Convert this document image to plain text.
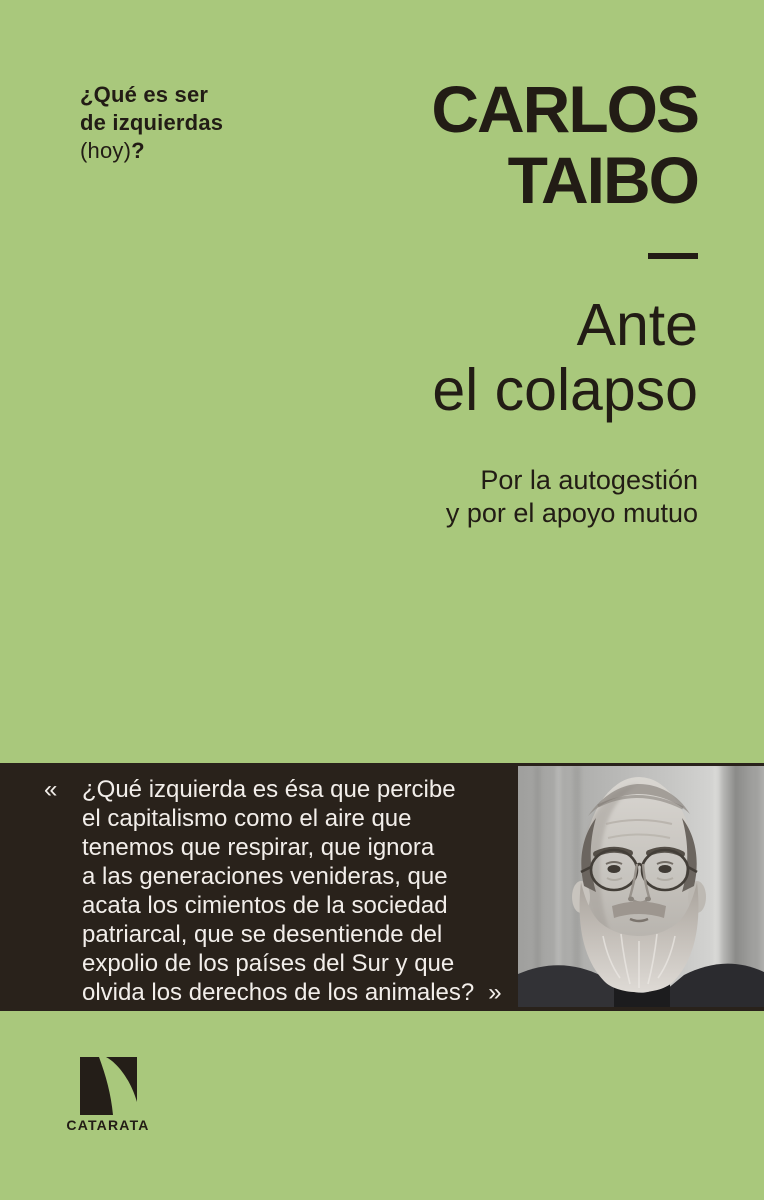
¿Qué es ser
de izquierdas
(hoy)?
CARLOS
TAIBO
Ante
el colapso
Por la autogestión
y por el apoyo mutuo
« ¿Qué izquierda es ésa que percibe
el capitalismo como el aire que
tenemos que respirar, que ignora
a las generaciones venideras, que
acata los cimientos de la sociedad
patriarcal, que se desentiende del
expolio de los países del Sur y que
olvida los derechos de los animales? »
CATARATA
